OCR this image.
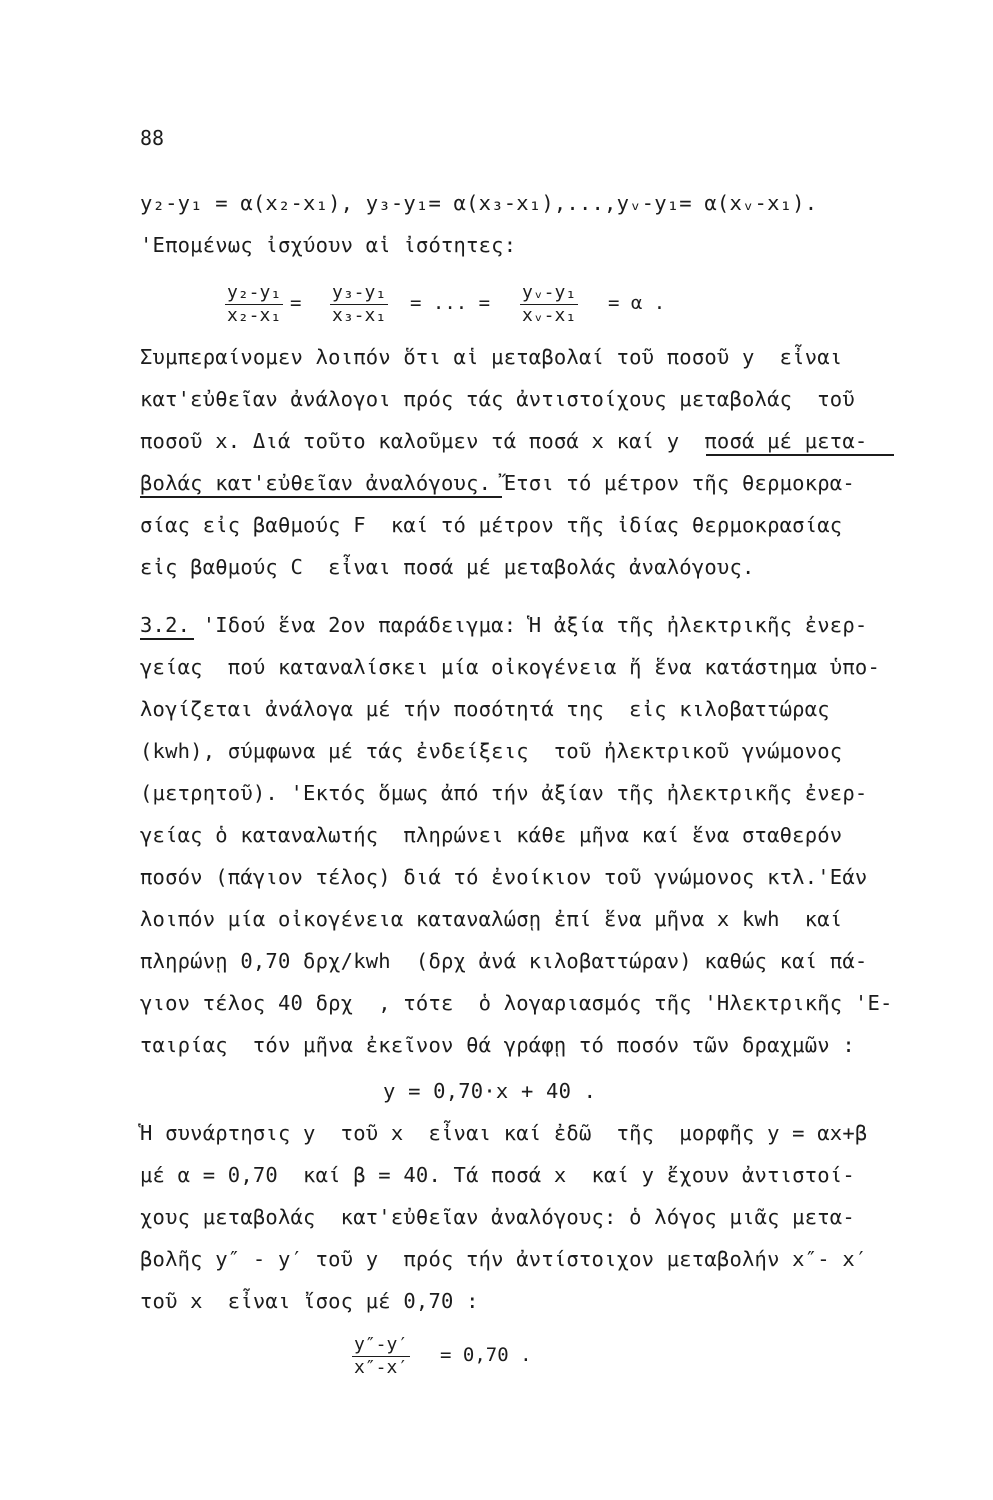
88
y₂-y₁ = α(x₂-x₁), y₃-y₁= α(x₃-x₁),...,yᵥ-y₁= α(xᵥ-x₁).
'Επομένως ἰσχύουν αἱ ἰσότητες:
$\frac{\text{y₂-y₁}}{\text{x₂-x₁}} = \frac{\text{y₃-y₁}}{\text{x₃-x₁}}$ = ... = $\frac{\text{yᵥ-y₁}}{\text{xᵥ-x₁}} = \alpha$ .
Συμπεραίνομεν λοιπόν ὅτι αἱ μεταβολαί τοῦ ποσοῦ y  εἶναι
κατ'εὐθεῖαν ἀνάλογοι πρός τάς ἀντιστοίχους μεταβολάς  τοῦ
ποσοῦ x. Διά τοῦτο καλοῦμεν τά ποσά x καί y  ποσά μέ μετα-
βολάς κατ'εὐθεῖαν ἀναλόγους. Ἔτσι τό μέτρον τῆς θερμοκρα-
σίας εἰς βαθμούς F  καί τό μέτρον τῆς ἰδίας θερμοκρασίας
εἰς βαθμούς C  εἶναι ποσά μέ μεταβολάς ἀναλόγους.
3.2. 'Ιδού ἕνα 2ον παράδειγμα: Ἡ ἀξία τῆς ἠλεκτρικῆς ἐνερ-
γείας  πού καταναλίσκει μία οἰκογένεια ἤ ἕνα κατάστημα ὑπο-
λογίζεται ἀνάλογα μέ τήν ποσότητά της  εἰς κιλοβαττώρας
(kwh), σύμφωνα μέ τάς ἐνδείξεις  τοῦ ἠλεκτρικοῦ γνώμονος
(μετρητοῦ). 'Εκτός ὅμως ἀπό τήν ἀξίαν τῆς ἠλεκτρικῆς ἐνερ-
γείας ὁ καταναλωτής  πληρώνει κάθε μῆνα καί ἕνα σταθερόν
ποσόν (πάγιον τέλος) διά τό ἐνοίκιον τοῦ γνώμονος κτλ.'Εάν
λοιπόν μία οἰκογένεια καταναλώσῃ ἐπί ἕνα μῆνα x kwh  καί
πληρώνῃ 0,70 δρχ/kwh  (δρχ ἀνά κιλοβαττώραν) καθώς καί πά-
γιον τέλος 40 δρχ  , τότε  ὁ λογαριασμός τῆς 'Ηλεκτρικῆς 'Ε-
ταιρίας  τόν μῆνα ἐκεῖνον θά γράφῃ τό ποσόν τῶν δραχμῶν :
y = 0,70·x + 40 .
Ἡ συνάρτησις y  τοῦ x  εἶναι καί ἐδῶ  τῆς  μορφῆς y = αx+β
μέ α = 0,70  καί β = 40. Τά ποσά x  καί y ἔχουν ἀντιστοί-
χους μεταβολάς  κατ'εὐθεῖαν ἀναλόγους: ὁ λόγος μιᾶς μετα-
βολῆς y″ - y′ τοῦ y  πρός τήν ἀντίστοιχον μεταβολήν x″- x′
τοῦ x  εἶναι ἴσος μέ 0,70 :
$\frac{y''-y'}{x''-x'} = 0,70$ .
